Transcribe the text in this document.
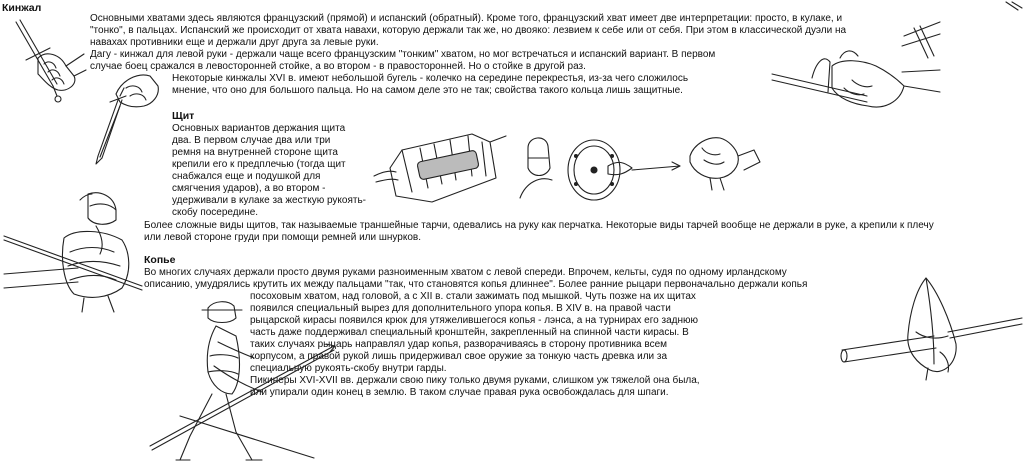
Кинжал
Основными хватами здесь являются французский (прямой) и испанский (обратный). Кроме того, французский хват имеет две интерпретации: просто, в кулаке, и
"тонко", в пальцах. Испанский же происходит от хвата навахи, которую держали так же, но двояко: лезвием к себе или от себя. При этом в классической дуэли на
навахах противники еще и держали друг друга за левые руки.
Дагу - кинжал для левой руки - держали чаще всего французским "тонким" хватом, но мог встречаться и испанский вариант. В первом
случае боец сражался в левосторонней стойке, а во втором - в правосторонней. Но о стойке в другой раз.
Некоторые кинжалы XVI в. имеют небольшой бугель - колечко на середине перекрестья, из-за чего сложилось
мнение, что оно для большого пальца. Но на самом деле это не так; свойства такого кольца лишь защитные.
Щит
Основных вариантов держания щита
два. В первом случае два или три
ремня на внутренней стороне щита
крепили его к предплечью (тогда щит
снабжался еще и подушкой для
смягчения ударов), а во втором -
удерживали в кулаке за жесткую рукоять-
скобу посередине.
Более сложные виды щитов, так называемые траншейные тарчи, одевались на руку как перчатка. Некоторые виды тарчей вообще не держали в руке, а крепили к плечу
или левой стороне груди при помощи ремней или шнурков.
Копье
Во многих случаях держали просто двумя руками разноименным хватом с левой спереди. Впрочем, кельты, судя по одному ирландскому
описанию, умудрялись крутить их между пальцами "так, что становятся копья длиннее". Более ранние рыцари первоначально держали копья
посоховым хватом, над головой, а с XII в. стали зажимать под мышкой. Чуть позже на их щитах
появился специальный вырез для дополнительного упора копья. В XIV в. на правой части
рыцарской кирасы появился крюк для утяжелившегося копья - лэнса, а на турнирах его заднюю
часть даже поддерживал специальный кронштейн, закрепленный на спинной части кирасы. В
таких случаях рыцарь направлял удар копья, разворачиваясь в сторону противника всем
корпусом, а правой рукой лишь придерживал свое оружие за тонкую часть древка или за
специальную рукоять-скобу внутри гарды.
Пикинеры XVI-XVII вв. держали свою пику только двумя руками, слишком уж тяжелой она была,
или упирали один конец в землю. В таком случае правая рука освобождалась для шпаги.
